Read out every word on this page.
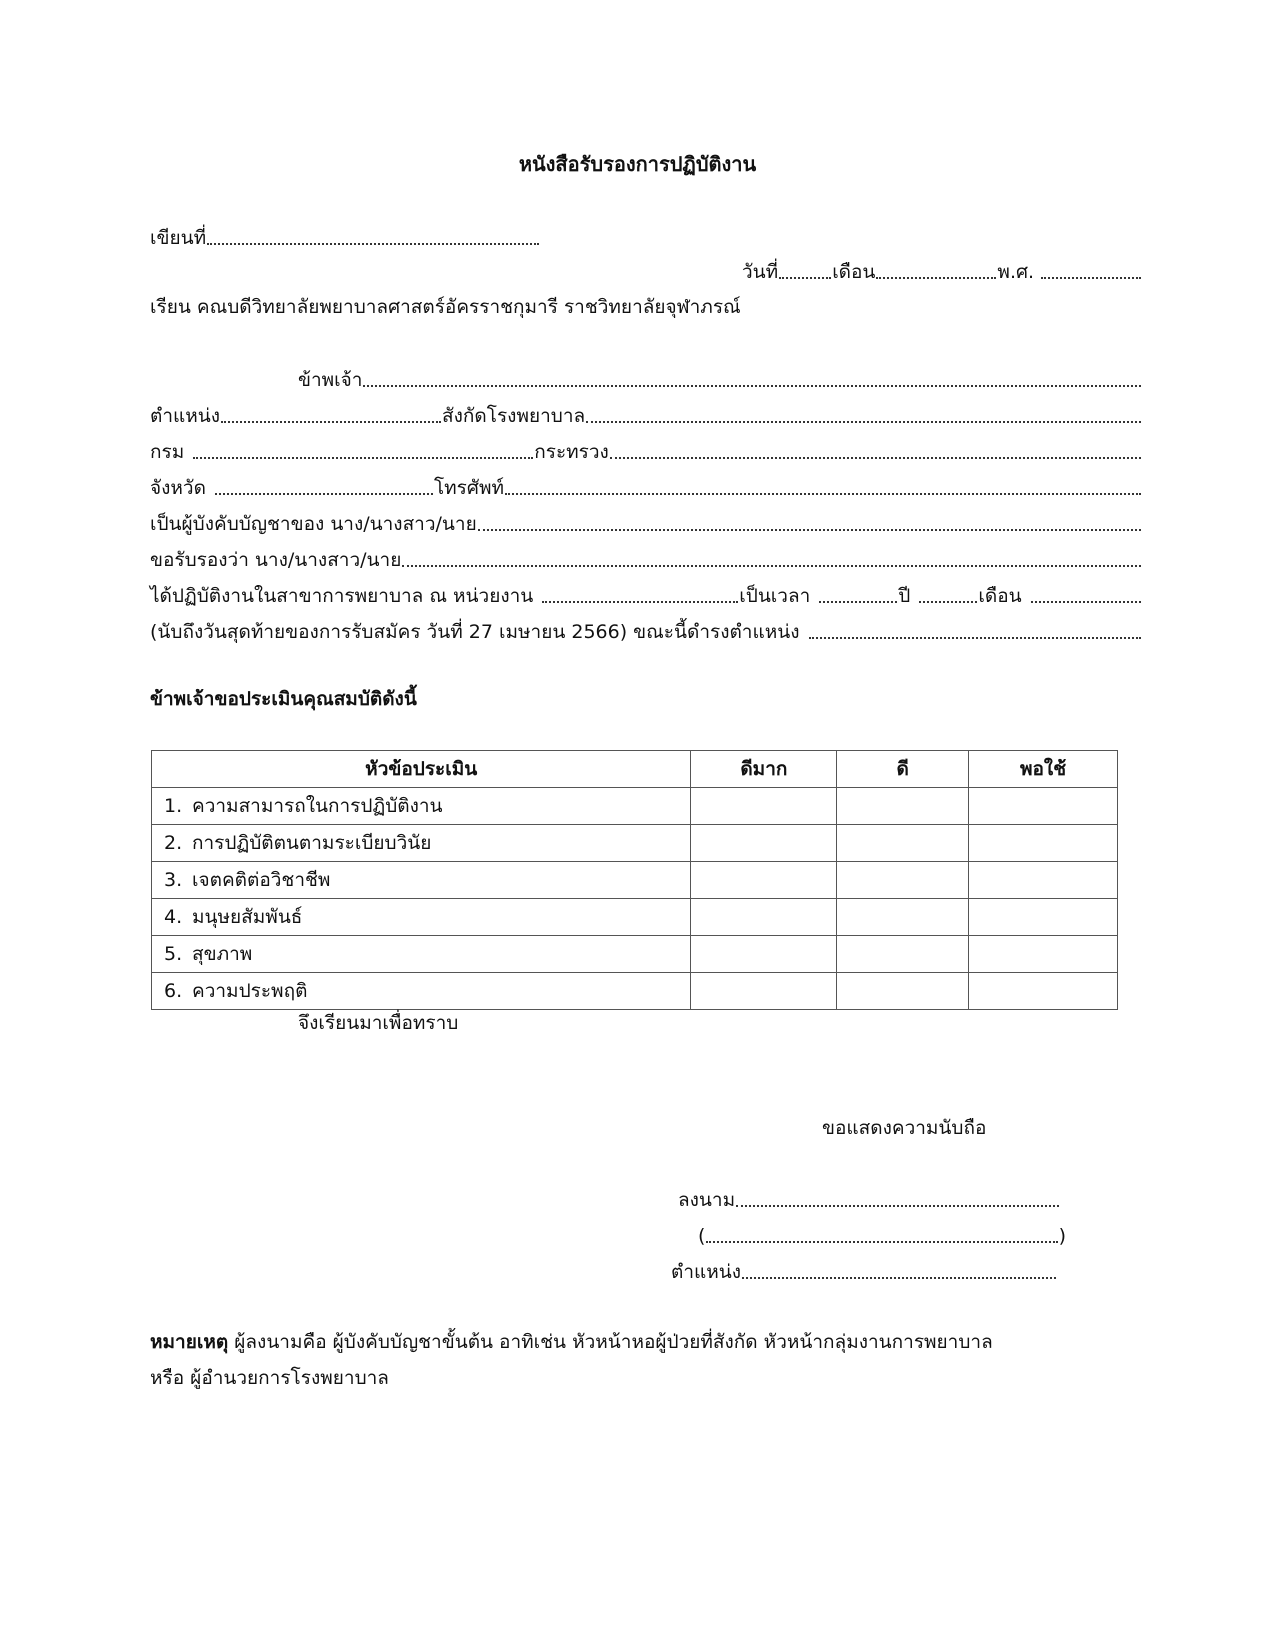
หนังสือรับรองการปฏิบัติงาน
เขียนที่
วันที่	เดือน	พ.ศ.
เรียน คณบดีวิทยาลัยพยาบาลศาสตร์อัครราชกุมารี ราชวิทยาลัยจุฬาภรณ์
ข้าพเจ้า
ตำแหน่ง	สังกัดโรงพยาบาล
กรม	กระทรวง
จังหวัด	โทรศัพท์
เป็นผู้บังคับบัญชาของ นาง/นางสาว/นาย
ขอรับรองว่า นาง/นางสาว/นาย
ได้ปฏิบัติงานในสาขาการพยาบาล ณ หน่วยงาน	เป็นเวลา	ปี	เดือน
(นับถึงวันสุดท้ายของการรับสมัคร วันที่ 27 เมษายน 2566) ขณะนี้ดำรงตำแหน่ง
ข้าพเจ้าขอประเมินคุณสมบัติดังนี้
หัวข้อประเมิน	ดีมาก	ดี	พอใช้
1. ความสามารถในการปฏิบัติงาน			
2. การปฏิบัติตนตามระเบียบวินัย			
3. เจตคติต่อวิชาชีพ			
4. มนุษยสัมพันธ์			
5. สุขภาพ			
6. ความประพฤติ			
จึงเรียนมาเพื่อทราบ
ขอแสดงความนับถือ
ลงนาม
(	)
ตำแหน่ง
หมายเหตุ ผู้ลงนามคือ ผู้บังคับบัญชาขั้นต้น อาทิเช่น หัวหน้าหอผู้ป่วยที่สังกัด หัวหน้ากลุ่มงานการพยาบาล
หรือ ผู้อำนวยการโรงพยาบาล
